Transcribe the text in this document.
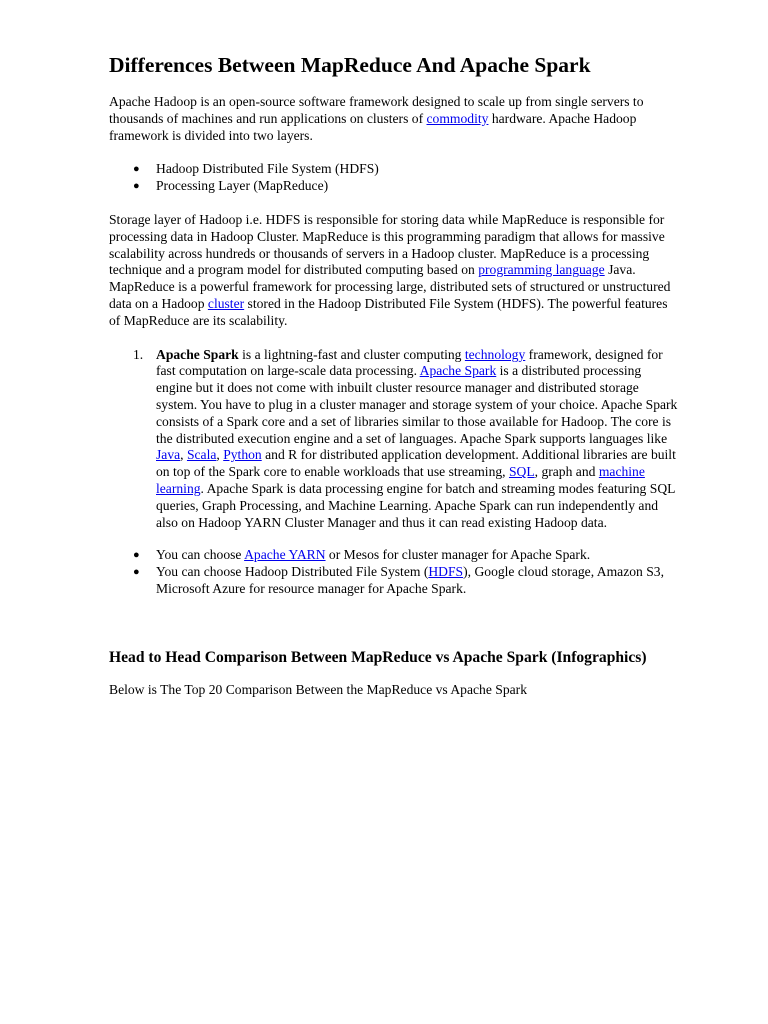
Differences Between MapReduce And Apache Spark

Apache Hadoop is an open-source software framework designed to scale up from single servers to thousands of machines and run applications on clusters of commodity hardware. Apache Hadoop framework is divided into two layers.

● Hadoop Distributed File System (HDFS)
● Processing Layer (MapReduce)

Storage layer of Hadoop i.e. HDFS is responsible for storing data while MapReduce is responsible for processing data in Hadoop Cluster. MapReduce is this programming paradigm that allows for massive scalability across hundreds or thousands of servers in a Hadoop cluster. MapReduce is a processing technique and a program model for distributed computing based on programming language Java. MapReduce is a powerful framework for processing large, distributed sets of structured or unstructured data on a Hadoop cluster stored in the Hadoop Distributed File System (HDFS). The powerful features of MapReduce are its scalability.

1. Apache Spark is a lightning-fast and cluster computing technology framework, designed for fast computation on large-scale data processing. Apache Spark is a distributed processing engine but it does not come with inbuilt cluster resource manager and distributed storage system. You have to plug in a cluster manager and storage system of your choice. Apache Spark consists of a Spark core and a set of libraries similar to those available for Hadoop. The core is the distributed execution engine and a set of languages. Apache Spark supports languages like Java, Scala, Python and R for distributed application development. Additional libraries are built on top of the Spark core to enable workloads that use streaming, SQL, graph and machine learning. Apache Spark is data processing engine for batch and streaming modes featuring SQL queries, Graph Processing, and Machine Learning. Apache Spark can run independently and also on Hadoop YARN Cluster Manager and thus it can read existing Hadoop data.
● You can choose Apache YARN or Mesos for cluster manager for Apache Spark.
● You can choose Hadoop Distributed File System (HDFS), Google cloud storage, Amazon S3, Microsoft Azure for resource manager for Apache Spark.
Head to Head Comparison Between MapReduce vs Apache Spark (Infographics)

Below is The Top 20 Comparison Between the MapReduce vs Apache Spark
